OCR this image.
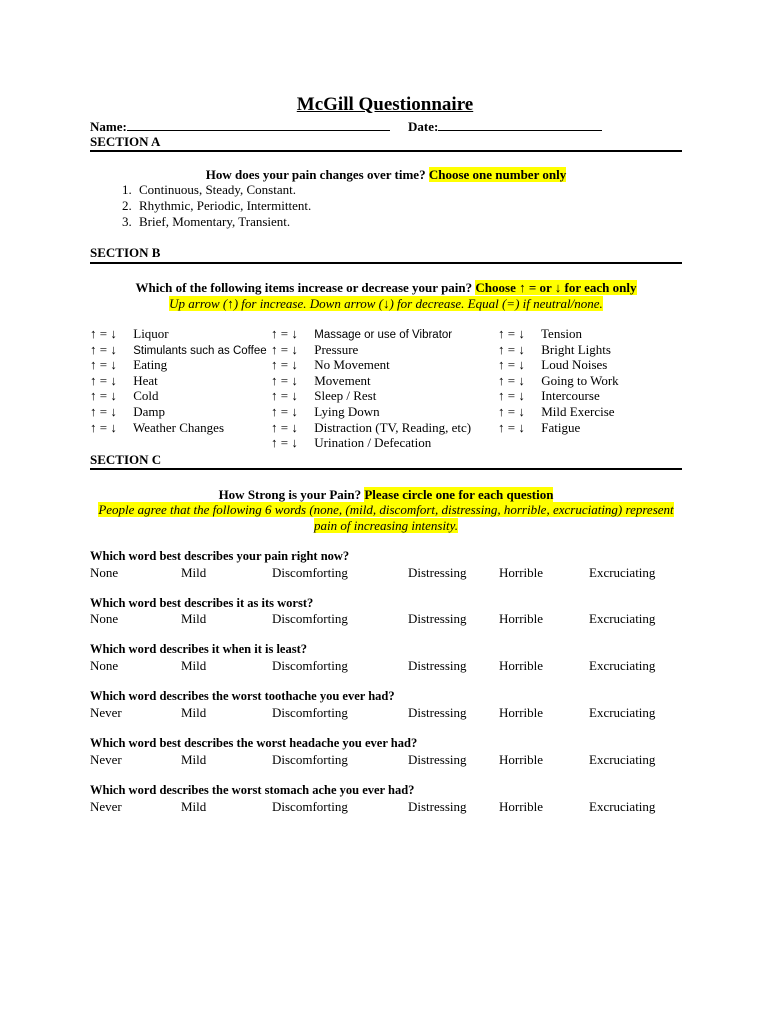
McGill Questionnaire
Name:	Date:
SECTION A
How does your pain changes over time? Choose one number only
1. Continuous, Steady, Constant.
2. Rhythmic, Periodic, Intermittent.
3. Brief, Momentary, Transient.
SECTION B
Which of the following items increase or decrease your pain? Choose ↑ = or ↓ for each only
Up arrow (↑) for increase. Down arrow (↓) for decrease. Equal (=) if neutral/none.
↑ = ↓ Liquor
↑ = ↓ Stimulants such as Coffee
↑ = ↓ Eating
↑ = ↓ Heat
↑ = ↓ Cold
↑ = ↓ Damp
↑ = ↓ Weather Changes
↑ = ↓ Massage or use of Vibrator
↑ = ↓ Pressure
↑ = ↓ No Movement
↑ = ↓ Movement
↑ = ↓ Sleep / Rest
↑ = ↓ Lying Down
↑ = ↓ Distraction (TV, Reading, etc)
↑ = ↓ Urination / Defecation
↑ = ↓ Tension
↑ = ↓ Bright Lights
↑ = ↓ Loud Noises
↑ = ↓ Going to Work
↑ = ↓ Intercourse
↑ = ↓ Mild Exercise
↑ = ↓ Fatigue
SECTION C
How Strong is your Pain? Please circle one for each question
People agree that the following 6 words (none, (mild, discomfort, distressing, horrible, excruciating) represent
pain of increasing intensity.
Which word best describes your pain right now?
None	Mild	Discomforting	Distressing	Horrible	Excruciating
Which word best describes it as its worst?
None	Mild	Discomforting	Distressing	Horrible	Excruciating
Which word describes it when it is least?
None	Mild	Discomforting	Distressing	Horrible	Excruciating
Which word describes the worst toothache you ever had?
Never	Mild	Discomforting	Distressing	Horrible	Excruciating
Which word best describes the worst headache you ever had?
Never	Mild	Discomforting	Distressing	Horrible	Excruciating
Which word describes the worst stomach ache you ever had?
Never	Mild	Discomforting	Distressing	Horrible	Excruciating
